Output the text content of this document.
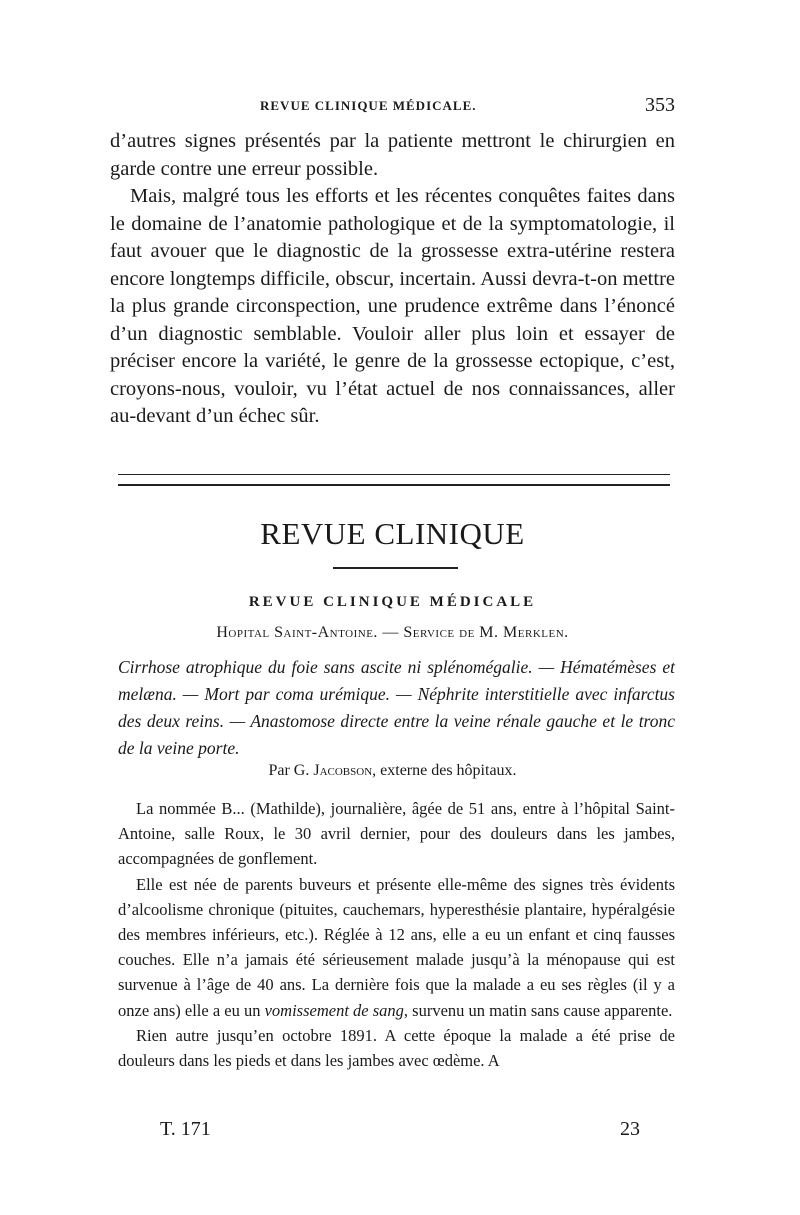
REVUE CLINIQUE MÉDICALE.	353

d’autres signes présentés par la patiente mettront le chirurgien en garde contre une erreur possible.

Mais, malgré tous les efforts et les récentes conquêtes faites dans le domaine de l’anatomie pathologique et de la symptomatologie, il faut avouer que le diagnostic de la grossesse extra-utérine restera encore longtemps difficile, obscur, incertain. Aussi devra-t-on mettre la plus grande circonspection, une prudence extrême dans l’énoncé d’un diagnostic semblable. Vouloir aller plus loin et essayer de préciser encore la variété, le genre de la grossesse ectopique, c’est, croyons-nous, vouloir, vu l’état actuel de nos connaissances, aller au-devant d’un échec sûr.

REVUE CLINIQUE
REVUE CLINIQUE MÉDICALE
Hopital Saint-Antoine. — Service de M. Merklen.
Cirrhose atrophique du foie sans ascite ni splénomégalie. — Hématémèses et melæna. — Mort par coma urémique. — Néphrite interstitielle avec infarctus des deux reins. — Anastomose directe entre la veine rénale gauche et le tronc de la veine porte.
Par G. Jacobson, externe des hôpitaux.

La nommée B... (Mathilde), journalière, âgée de 51 ans, entre à l’hôpital Saint-Antoine, salle Roux, le 30 avril dernier, pour des douleurs dans les jambes, accompagnées de gonflement.

Elle est née de parents buveurs et présente elle-même des signes très évidents d’alcoolisme chronique (pituites, cauchemars, hyperesthésie plantaire, hypéralgésie des membres inférieurs, etc.). Réglée à 12 ans, elle a eu un enfant et cinq fausses couches. Elle n’a jamais été sérieusement malade jusqu’à la ménopause qui est survenue à l’âge de 40 ans. La dernière fois que la malade a eu ses règles (il y a onze ans) elle a eu un vomissement de sang, survenu un matin sans cause apparente.

Rien autre jusqu’en octobre 1891. A cette époque la malade a été prise de douleurs dans les pieds et dans les jambes avec œdème. A

T. 171	23
